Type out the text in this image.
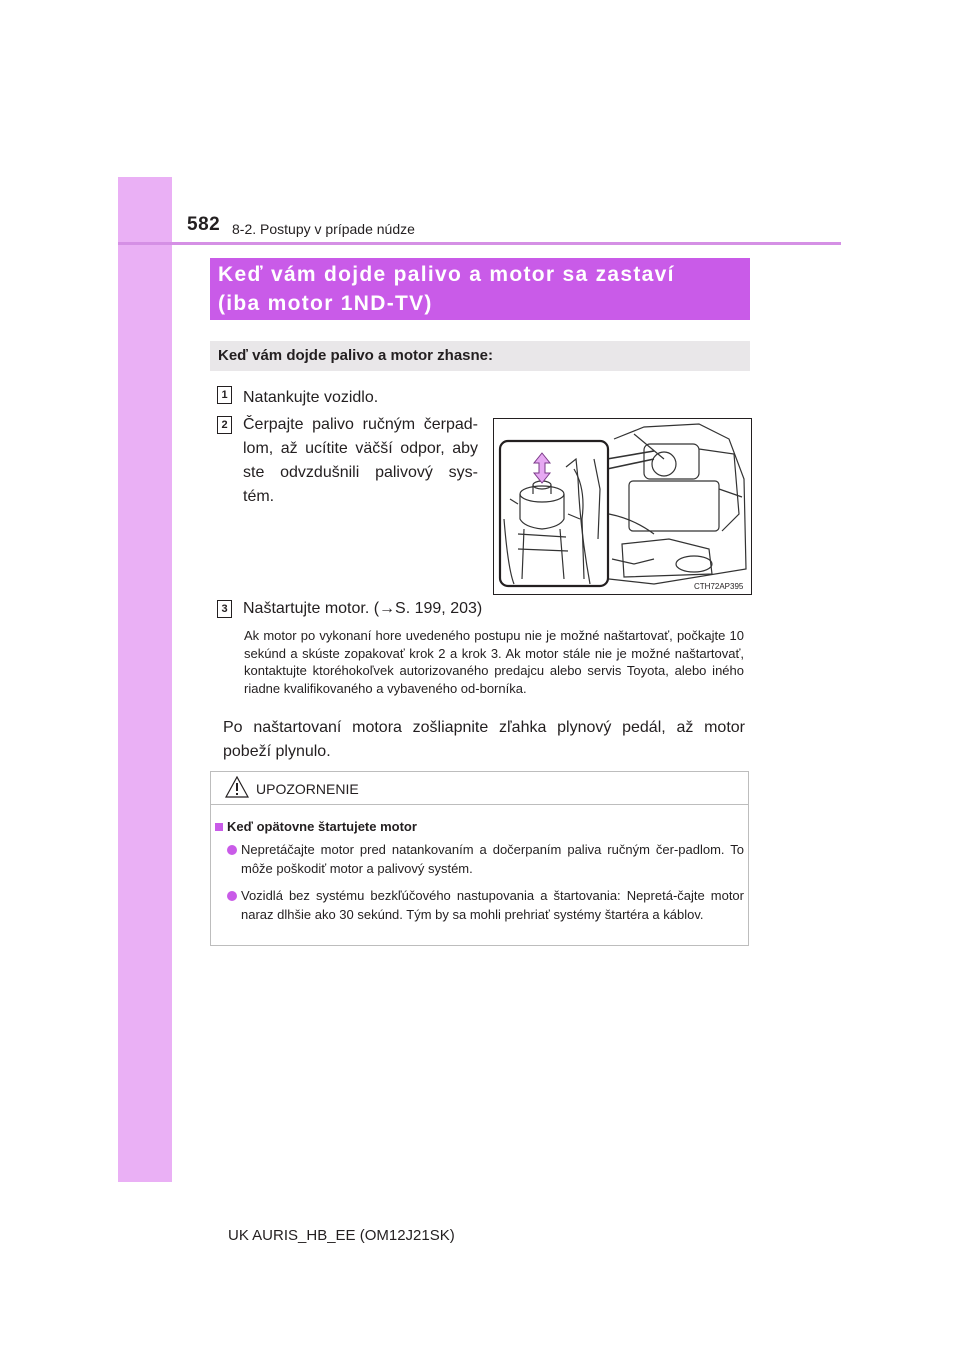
582 8-2. Postupy v prípade núdze
Keď vám dojde palivo a motor sa zastaví
(iba motor 1ND-TV)
Keď vám dojde palivo a motor zhasne:
1 Natankujte vozidlo.
2 Čerpajte palivo ručným čerpad-
lom, až ucítite väčší odpor, aby
ste odvzdušnili palivový sys-
tém.
CTH72AP395
3 Naštartujte motor. (→S. 199, 203)
Ak motor po vykonaní hore uvedeného postupu nie je možné naštartovať, počkajte 10 sekúnd a skúste zopakovať krok 2 a krok 3. Ak motor stále nie je možné naštartovať, kontaktujte ktoréhokoľvek autorizovaného predajcu alebo servis Toyota, alebo iného riadne kvalifikovaného a vybaveného od-borníka.
Po naštartovaní motora zošliapnite zľahka plynový pedál, až motor pobeží plynulo.
UPOZORNENIE
Keď opätovne štartujete motor
Nepretáčajte motor pred natankovaním a dočerpaním paliva ručným čer-padlom. To môže poškodiť motor a palivový systém.
Vozidlá bez systému bezkľúčového nastupovania a štartovania: Nepretá-čajte motor naraz dlhšie ako 30 sekúnd. Tým by sa mohli prehriať systémy štartéra a káblov.
UK AURIS_HB_EE (OM12J21SK)
